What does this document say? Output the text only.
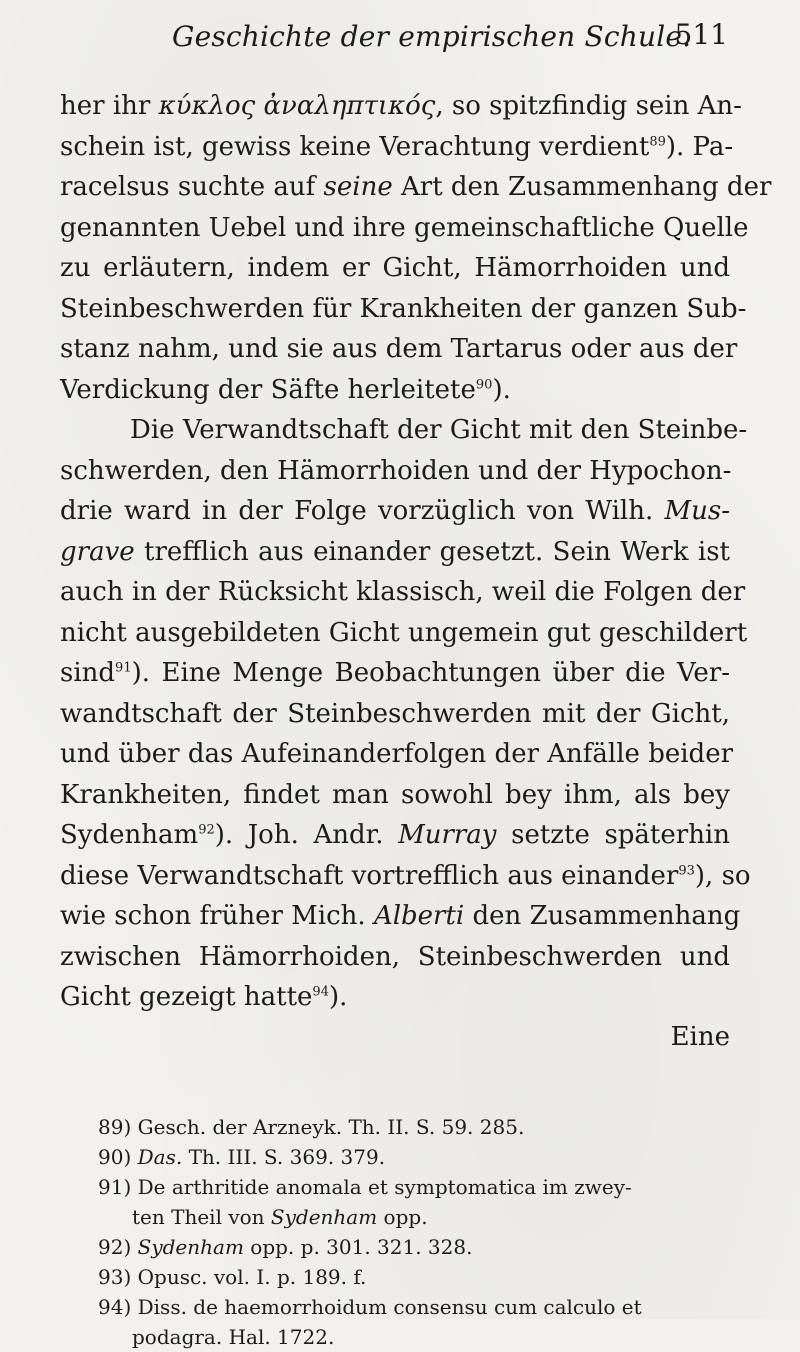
Geschichte der empirischen Schule.
511
her ihr κύκλος ἀναληπτικός, so spitzfindig sein An-
schein ist, gewiss keine Verachtung verdient$^{89}$). Pa-
racelsus suchte auf seine Art den Zusammenhang der
genannten Uebel und ihre gemeinschaftliche Quelle
zu erläutern, indem er Gicht, Hämorrhoiden und
Steinbeschwerden für Krankheiten der ganzen Sub-
stanz nahm, und sie aus dem Tartarus oder aus der
Verdickung der Säfte herleitete$^{90}$).
Die Verwandtschaft der Gicht mit den Steinbe-
schwerden, den Hämorrhoiden und der Hypochon-
drie ward in der Folge vorzüglich von Wilh. Mus-
grave trefflich aus einander gesetzt. Sein Werk ist
auch in der Rücksicht klassisch, weil die Folgen der
nicht ausgebildeten Gicht ungemein gut geschildert
sind$^{91}$). Eine Menge Beobachtungen über die Ver-
wandtschaft der Steinbeschwerden mit der Gicht,
und über das Aufeinanderfolgen der Anfälle beider
Krankheiten, findet man sowohl bey ihm, als bey
Sydenham$^{92}$). Joh. Andr. Murray setzte späterhin
diese Verwandtschaft vortrefflich aus einander$^{93}$), so
wie schon früher Mich. Alberti den Zusammenhang
zwischen Hämorrhoiden, Steinbeschwerden und
Gicht gezeigt hatte$^{94}$).
Eine
89) Gesch. der Arzneyk. Th. II. S. 59. 285.
90) Das. Th. III. S. 369. 379.
91) De arthritide anomala et symptomatica im zwey-
ten Theil von Sydenham opp.
92) Sydenham opp. p. 301. 321. 328.
93) Opusc. vol. I. p. 189. f.
94) Diss. de haemorrhoidum consensu cum calculo et
podagra. Hal. 1722.
